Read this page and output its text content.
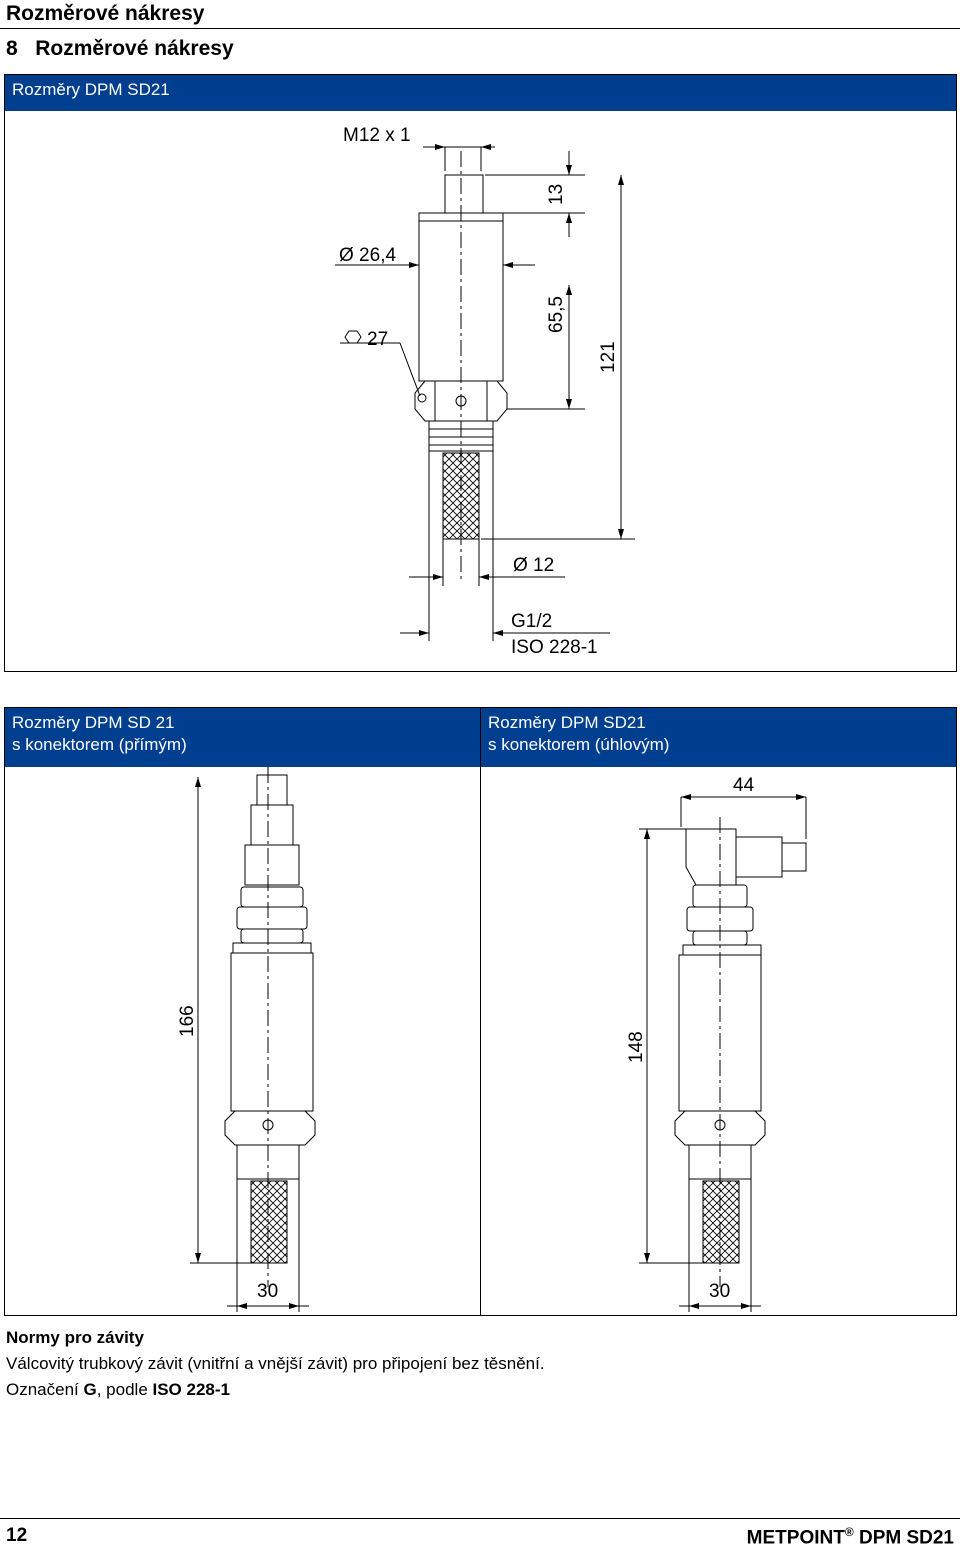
Rozměrové nákresy
8 Rozměrové nákresy
Rozměry DPM SD21
M12 x 1
Ø 26,4
27
13
65,5
121
Ø 12
G1/2
ISO 228-1
Rozměry DPM SD 21
s konektorem (přímým)
166
30
Rozměry DPM SD21
s konektorem (úhlovým)
44
148
30
Normy pro závity
Válcovitý trubkový závit (vnitřní a vnější závit) pro připojení bez těsnění.
Označení G, podle ISO 228-1
12	METPOINT® DPM SD21
